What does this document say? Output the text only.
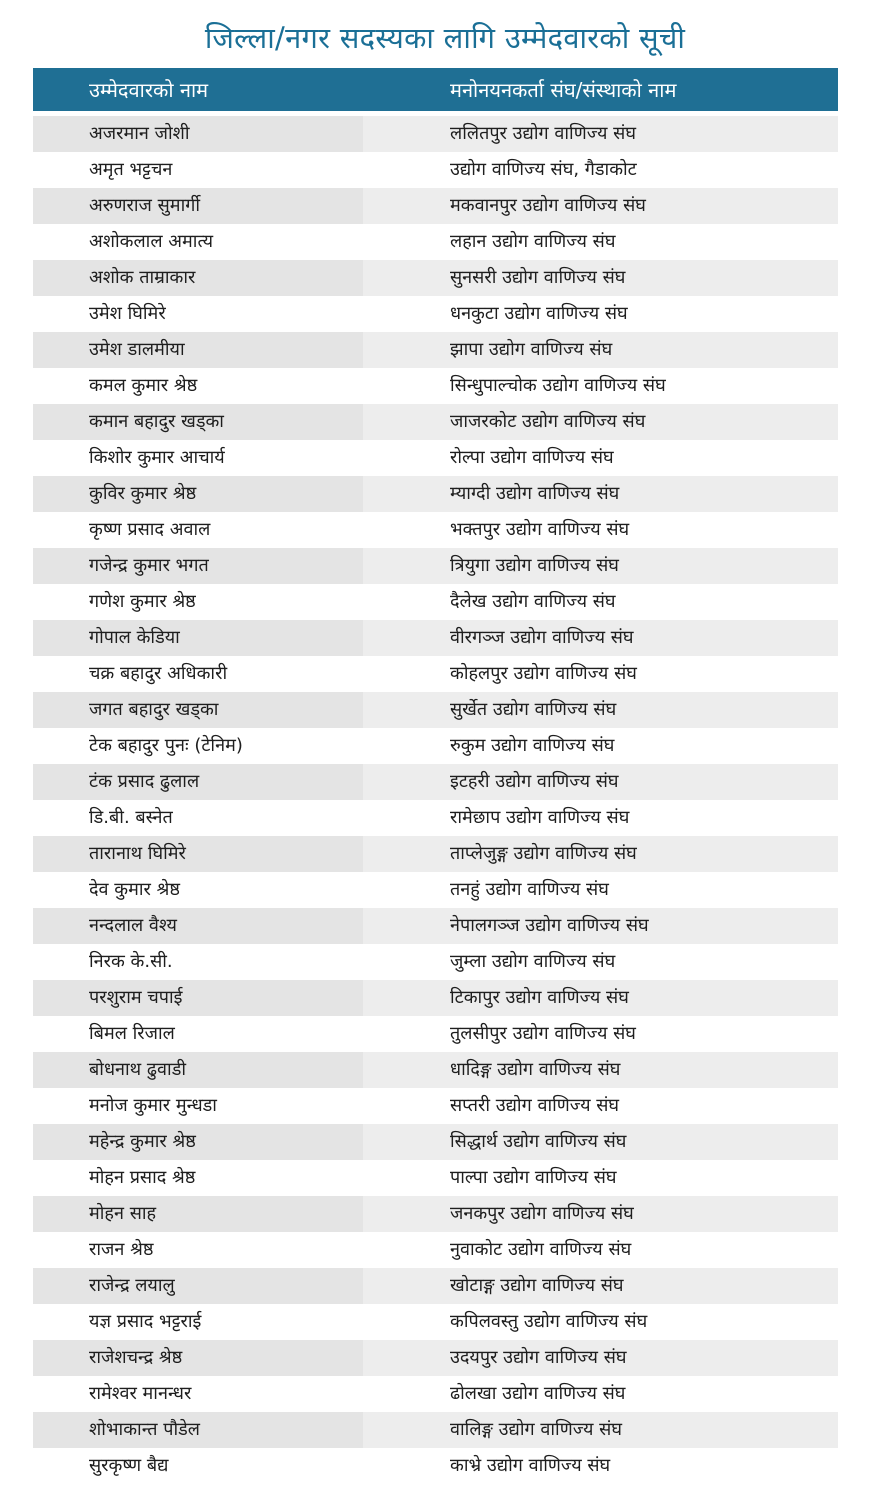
जिल्ला/नगर सदस्यका लागि उम्मेदवारको सूची
उम्मेदवारको नाम	मनोनयनकर्ता संघ/संस्थाको नाम
अजरमान जोशी	ललितपुर उद्योग वाणिज्य संघ
अमृत भट्टचन	उद्योग वाणिज्य संघ, गैडाकोट
अरुणराज सुमार्गी	मकवानपुर उद्योग वाणिज्य संघ
अशोकलाल अमात्य	लहान उद्योग वाणिज्य संघ
अशोक ताम्राकार	सुनसरी उद्योग वाणिज्य संघ
उमेश घिमिरे	धनकुटा उद्योग वाणिज्य संघ
उमेश डालमीया	झापा उद्योग वाणिज्य संघ
कमल कुमार श्रेष्ठ	सिन्धुपाल्चोक उद्योग वाणिज्य संघ
कमान बहादुर खड्का	जाजरकोट उद्योग वाणिज्य संघ
किशोर कुमार आचार्य	रोल्पा उद्योग वाणिज्य संघ
कुविर कुमार श्रेष्ठ	म्याग्दी उद्योग वाणिज्य संघ
कृष्ण प्रसाद अवाल	भक्तपुर उद्योग वाणिज्य संघ
गजेन्द्र कुमार भगत	त्रियुगा उद्योग वाणिज्य संघ
गणेश कुमार श्रेष्ठ	दैलेख उद्योग वाणिज्य संघ
गोपाल केडिया	वीरगञ्ज उद्योग वाणिज्य संघ
चक्र बहादुर अधिकारी	कोहलपुर उद्योग वाणिज्य संघ
जगत बहादुर खड्का	सुर्खेत उद्योग वाणिज्य संघ
टेक बहादुर पुनः (टेनिम)	रुकुम उद्योग वाणिज्य संघ
टंक प्रसाद ढुलाल	इटहरी उद्योग वाणिज्य संघ
डि.बी. बस्नेत	रामेछाप उद्योग वाणिज्य संघ
तारानाथ घिमिरे	ताप्लेजुङ्ग उद्योग वाणिज्य संघ
देव कुमार श्रेष्ठ	तनहुं उद्योग वाणिज्य संघ
नन्दलाल वैश्य	नेपालगञ्ज उद्योग वाणिज्य संघ
निरक के.सी.	जुम्ला उद्योग वाणिज्य संघ
परशुराम चपाई	टिकापुर उद्योग वाणिज्य संघ
बिमल रिजाल	तुलसीपुर उद्योग वाणिज्य संघ
बोधनाथ ढुवाडी	धादिङ्ग उद्योग वाणिज्य संघ
मनोज कुमार मुन्धडा	सप्तरी उद्योग वाणिज्य संघ
महेन्द्र कुमार श्रेष्ठ	सिद्धार्थ उद्योग वाणिज्य संघ
मोहन प्रसाद श्रेष्ठ	पाल्पा उद्योग वाणिज्य संघ
मोहन साह	जनकपुर उद्योग वाणिज्य संघ
राजन श्रेष्ठ	नुवाकोट उद्योग वाणिज्य संघ
राजेन्द्र लयालु	खोटाङ्ग उद्योग वाणिज्य संघ
यज्ञ प्रसाद भट्टराई	कपिलवस्तु उद्योग वाणिज्य संघ
राजेशचन्द्र श्रेष्ठ	उदयपुर उद्योग वाणिज्य संघ
रामेश्वर मानन्धर	ढोलखा उद्योग वाणिज्य संघ
शोभाकान्त पौडेल	वालिङ्ग उद्योग वाणिज्य संघ
सुरकृष्ण बैद्य	काभ्रे उद्योग वाणिज्य संघ
